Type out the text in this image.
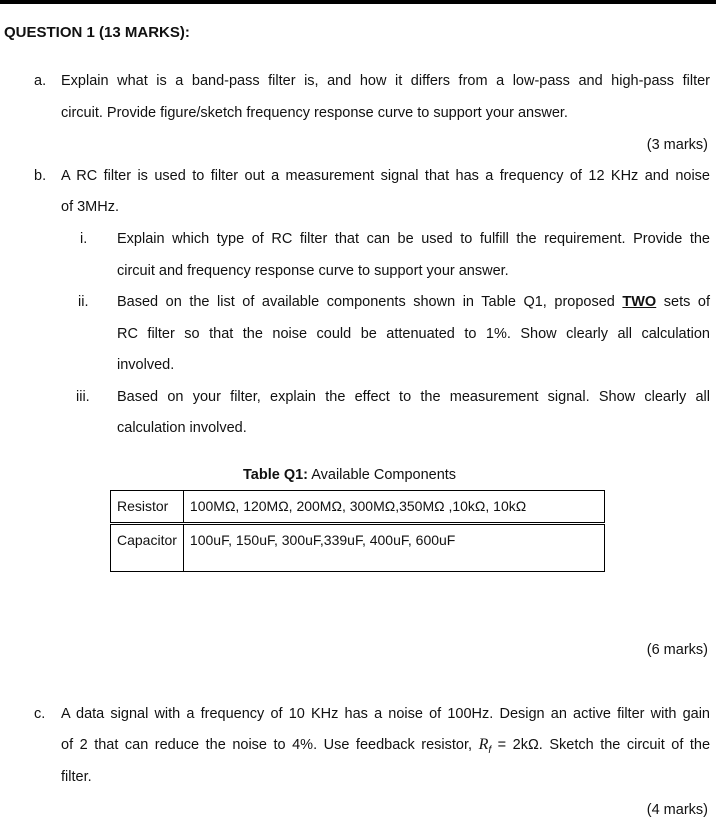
QUESTION 1 (13 MARKS):
a. Explain what is a band-pass filter is, and how it differs from a low-pass and high-pass filter
circuit. Provide figure/sketch frequency response curve to support your answer.
(3 marks)
b. A RC filter is used to filter out a measurement signal that has a frequency of 12 KHz and noise
of 3MHz.
i. Explain which type of RC filter that can be used to fulfill the requirement. Provide the
circuit and frequency response curve to support your answer.
ii. Based on the list of available components shown in Table Q1, proposed TWO sets of
RC filter so that the noise could be attenuated to 1%. Show clearly all calculation
involved.
iii. Based on your filter, explain the effect to the measurement signal. Show clearly all
calculation involved.
Table Q1: Available Components
Resistor	100MΩ, 120MΩ, 200MΩ, 300MΩ,350MΩ ,10kΩ, 10kΩ
Capacitor	100uF, 150uF, 300uF,339uF, 400uF, 600uF
(6 marks)
c. A data signal with a frequency of 10 KHz has a noise of 100Hz. Design an active filter with gain
of 2 that can reduce the noise to 4%. Use feedback resistor, $R_f = 2k\Omega$. Sketch the circuit of the
filter.
(4 marks)
